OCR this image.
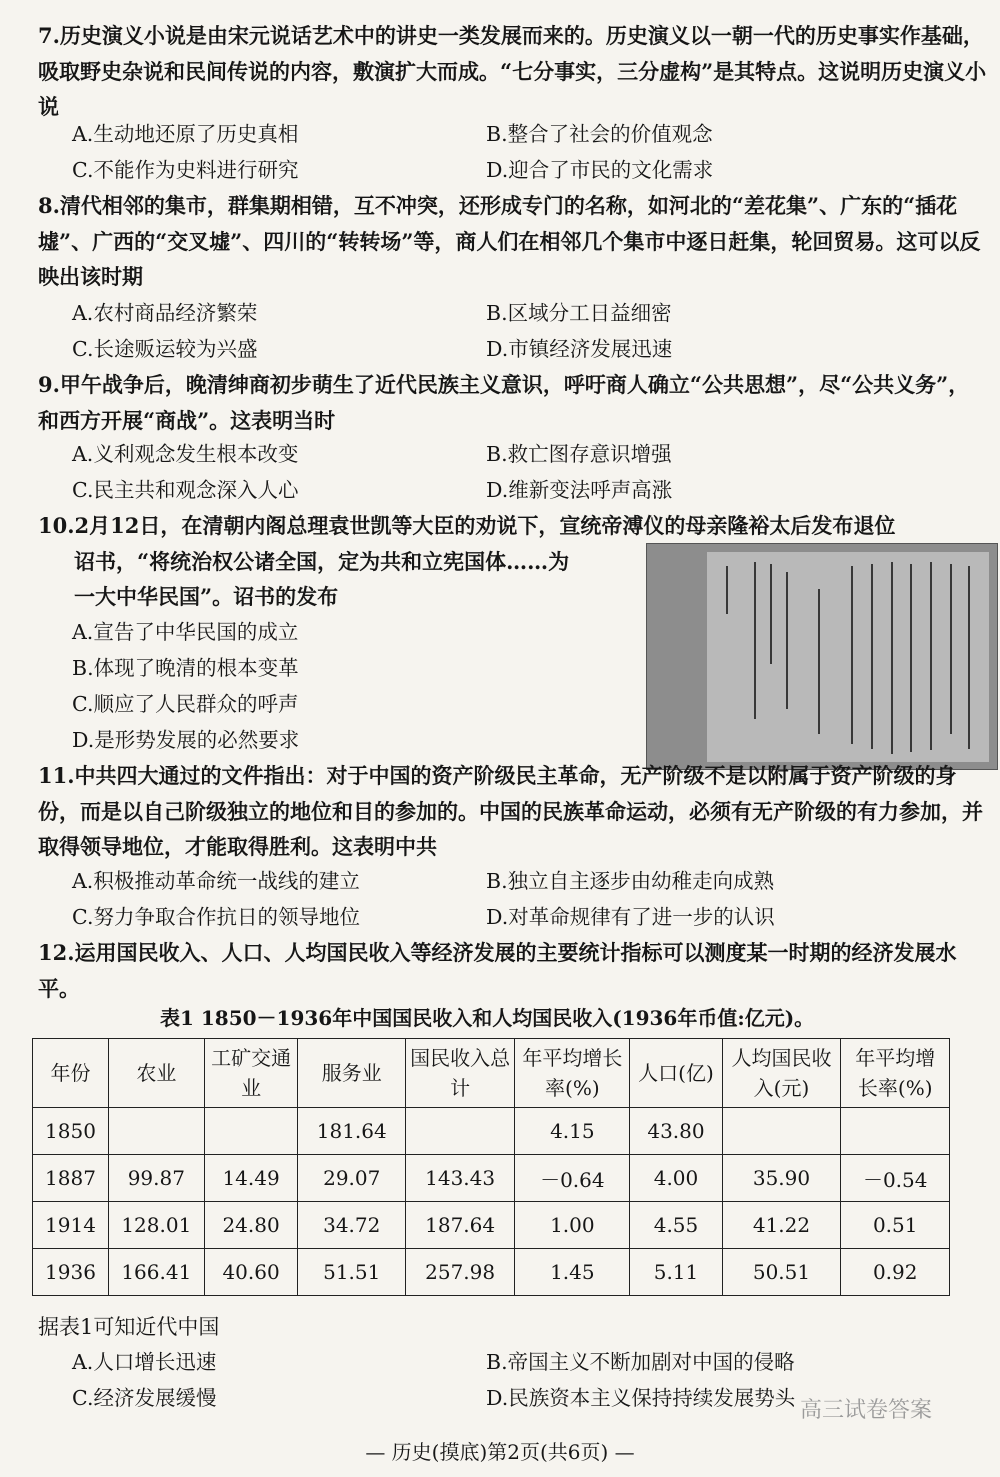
7.历史演义小说是由宋元说话艺术中的讲史一类发展而来的。历史演义以一朝一代的历史事实作基础，吸取野史杂说和民间传说的内容，敷演扩大而成。“七分事实，三分虚构”是其特点。这说明历史演义小说
A.生动地还原了历史真相	B.整合了社会的价值观念
C.不能作为史料进行研究	D.迎合了市民的文化需求
8.清代相邻的集市，群集期相错，互不冲突，还形成专门的名称，如河北的“差花集”、广东的“插花墟”、广西的“交叉墟”、四川的“转转场”等，商人们在相邻几个集市中逐日赶集，轮回贸易。这可以反映出该时期
A.农村商品经济繁荣	B.区域分工日益细密
C.长途贩运较为兴盛	D.市镇经济发展迅速
9.甲午战争后，晚清绅商初步萌生了近代民族主义意识，呼吁商人确立“公共思想”，尽“公共义务”，和西方开展“商战”。这表明当时
A.义利观念发生根本改变	B.救亡图存意识增强
C.民主共和观念深入人心	D.维新变法呼声高涨
10.2月12日，在清朝内阁总理袁世凯等大臣的劝说下，宣统帝溥仪的母亲隆裕太后发布退位
诏书，“将统治权公诸全国，定为共和立宪国体……为
一大中华民国”。诏书的发布
A.宣告了中华民国的成立
B.体现了晚清的根本变革
C.顺应了人民群众的呼声
D.是形势发展的必然要求
11.中共四大通过的文件指出：对于中国的资产阶级民主革命，无产阶级不是以附属于资产阶级的身份，而是以自己阶级独立的地位和目的参加的。中国的民族革命运动，必须有无产阶级的有力参加，并取得领导地位，才能取得胜利。这表明中共
A.积极推动革命统一战线的建立	B.独立自主逐步由幼稚走向成熟
C.努力争取合作抗日的领导地位	D.对革命规律有了进一步的认识
12.运用国民收入、人口、人均国民收入等经济发展的主要统计指标可以测度某一时期的经济发展水平。
表1 1850－1936年中国国民收入和人均国民收入(1936年币值:亿元)。
年份	农业	工矿交通业	服务业	国民收入总计	年平均增长率(%)	人口(亿)	人均国民收入(元)	年平均增长率(%)
1850			181.64		4.15	43.80		
1887	99.87	14.49	29.07	143.43	－0.64	4.00	35.90	－0.54
1914	128.01	24.80	34.72	187.64	1.00	4.55	41.22	0.51
1936	166.41	40.60	51.51	257.98	1.45	5.11	50.51	0.92
据表1可知近代中国
A.人口增长迅速	B.帝国主义不断加剧对中国的侵略
C.经济发展缓慢	D.民族资本主义保持持续发展势头 高三试卷答案
— 历史(摸底)第2页(共6页) —
